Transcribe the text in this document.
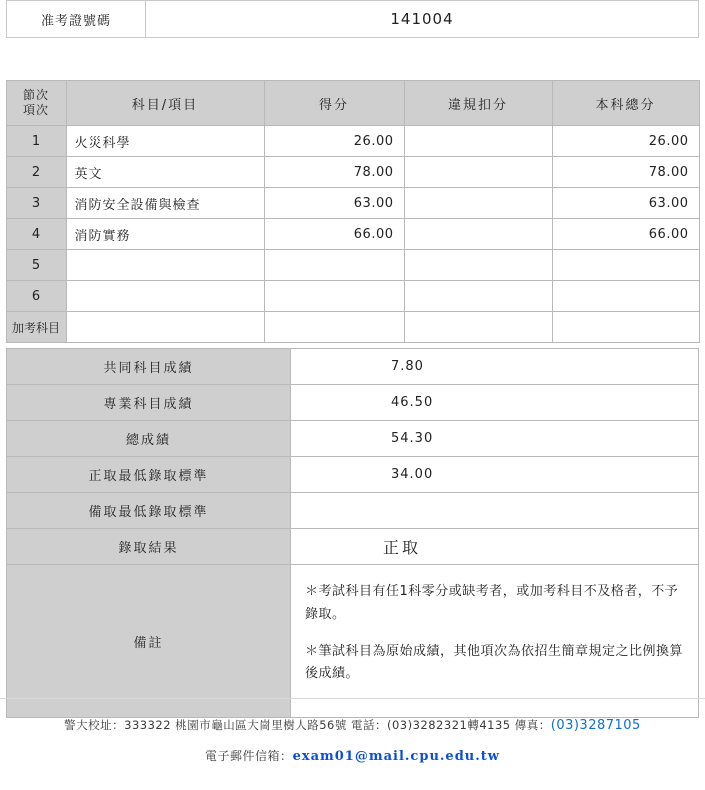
准考證號碼	141004
節次
項次	科目/項目	得分	違規扣分	本科總分
1	火災科學	26.00		26.00
2	英文	78.00		78.00
3	消防安全設備與檢查	63.00		63.00
4	消防實務	66.00		66.00
5				
6				
加考科目				
共同科目成績	7.80
專業科目成績	46.50
總成績	54.30
正取最低錄取標準	34.00
備取最低錄取標準	
錄取結果	正取
備註	＊考試科目有任1科零分或缺考者，或加考科目不及格者，不予錄取。

＊筆試科目為原始成績，其他項次為依招生簡章規定之比例換算後成績。

警大校址：333322 桃園市龜山區大崗里樹人路56號 電話：(03)3282321轉4135 傳真：(03)3287105
電子郵件信箱：exam01@mail.cpu.edu.tw
